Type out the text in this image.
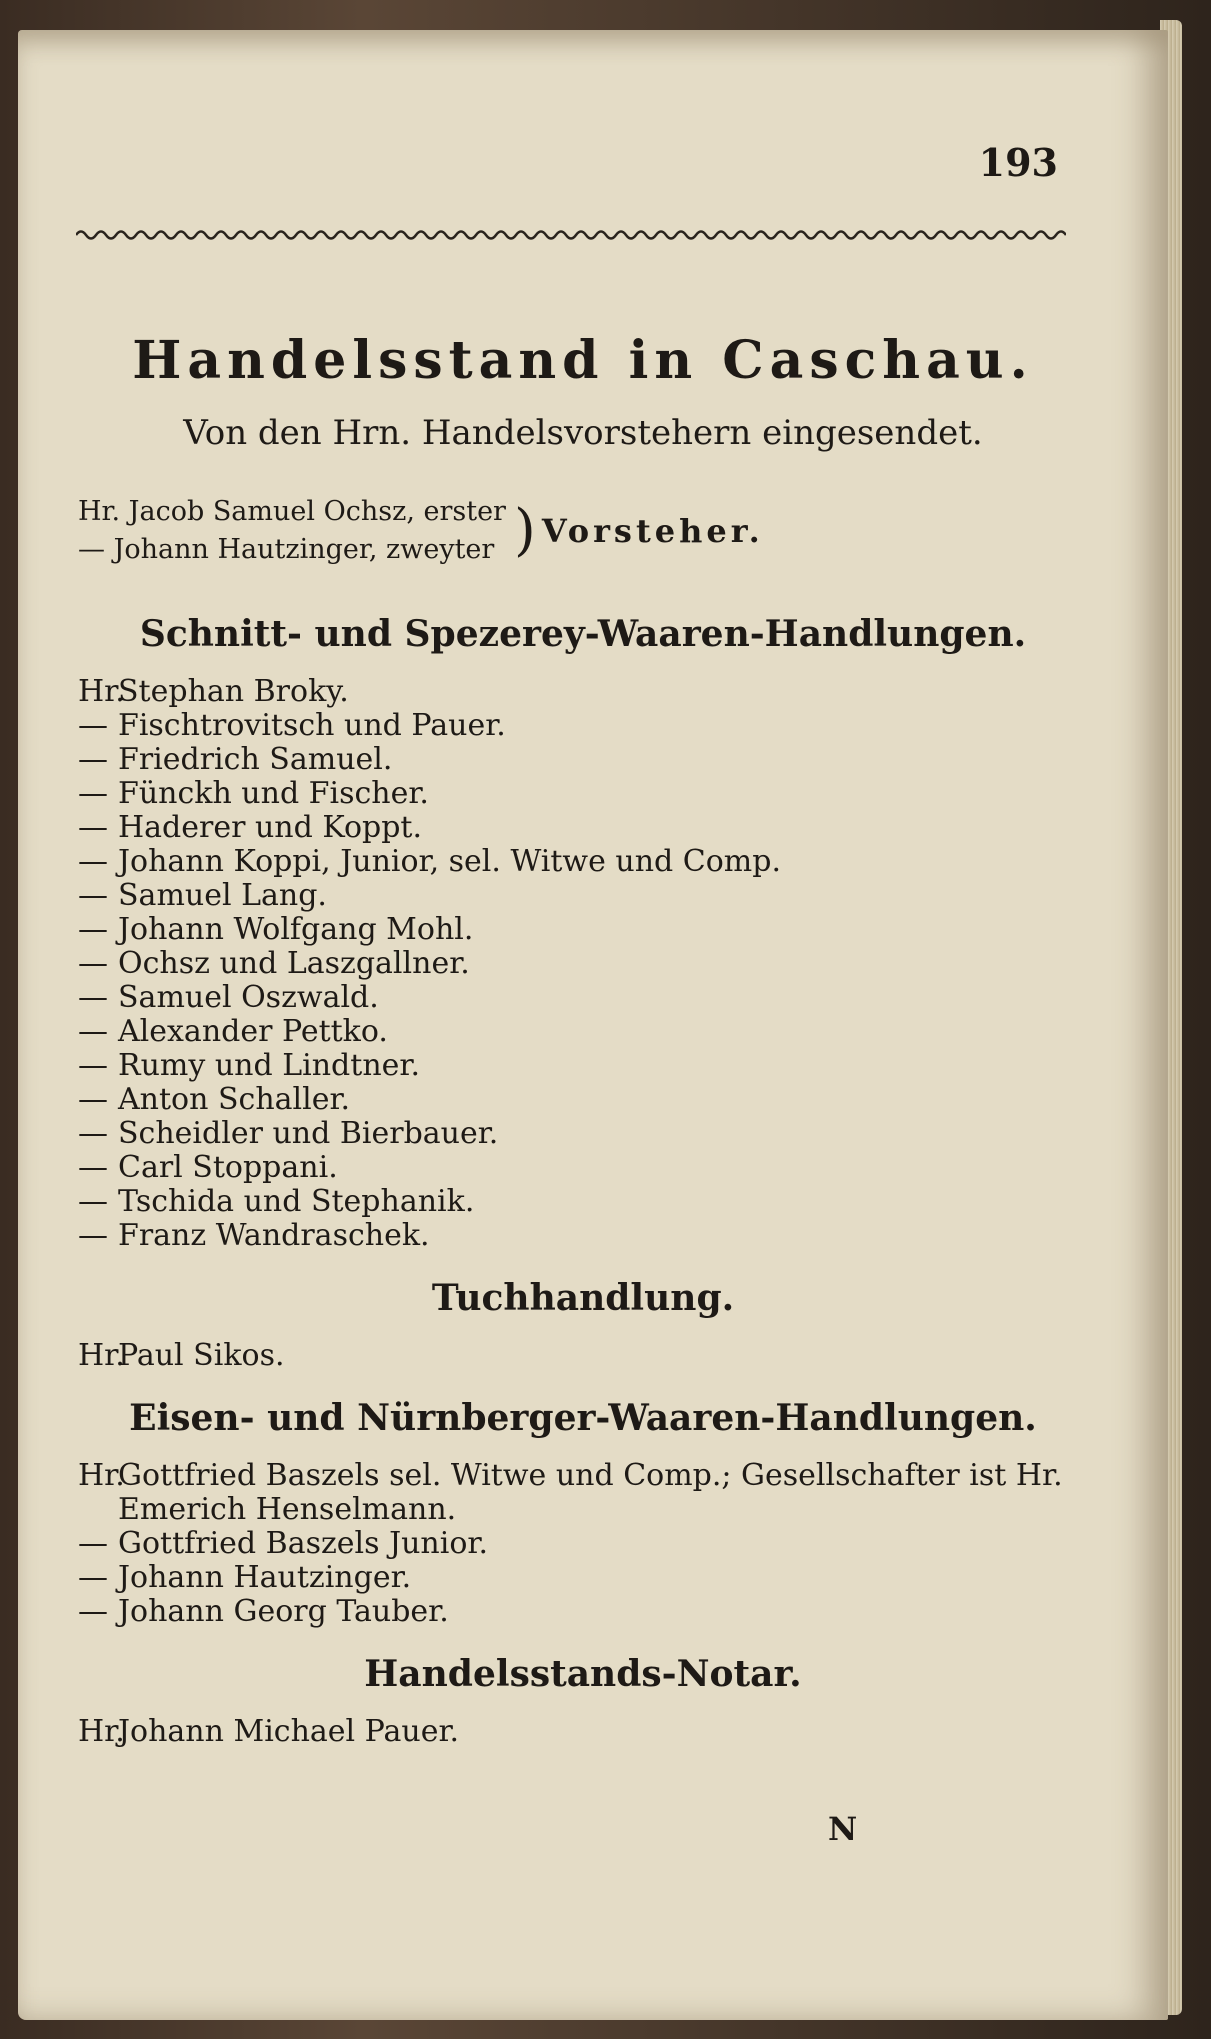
193
Handelsstand in Caschau.
Von den Hrn. Handelsvorstehern eingesendet.
Hr. Jacob Samuel Ochsz, erster
— Johann Hautzinger, zweyter ) Vorsteher.
Schnitt- und Spezerey-Waaren-Handlungen.
Hr.Stephan Broky.
— Fischtrovitsch und Pauer.
— Friedrich Samuel.
— Fünckh und Fischer.
— Haderer und Koppt.
— Johann Koppi, Junior, sel. Witwe und Comp.
— Samuel Lang.
— Johann Wolfgang Mohl.
— Ochsz und Laszgallner.
— Samuel Oszwald.
— Alexander Pettko.
— Rumy und Lindtner.
— Anton Schaller.
— Scheidler und Bierbauer.
— Carl Stoppani.
— Tschida und Stephanik.
— Franz Wandraschek.
Tuchhandlung.
Hr.Paul Sikos.
Eisen- und Nürnberger-Waaren-Handlungen.
Hr.Gottfried Baszels sel. Witwe und Comp.; Gesellschafter ist Hr. Emerich Henselmann.
— Gottfried Baszels Junior.
— Johann Hautzinger.
— Johann Georg Tauber.
Handelsstands-Notar.
Hr.Johann Michael Pauer.
N
